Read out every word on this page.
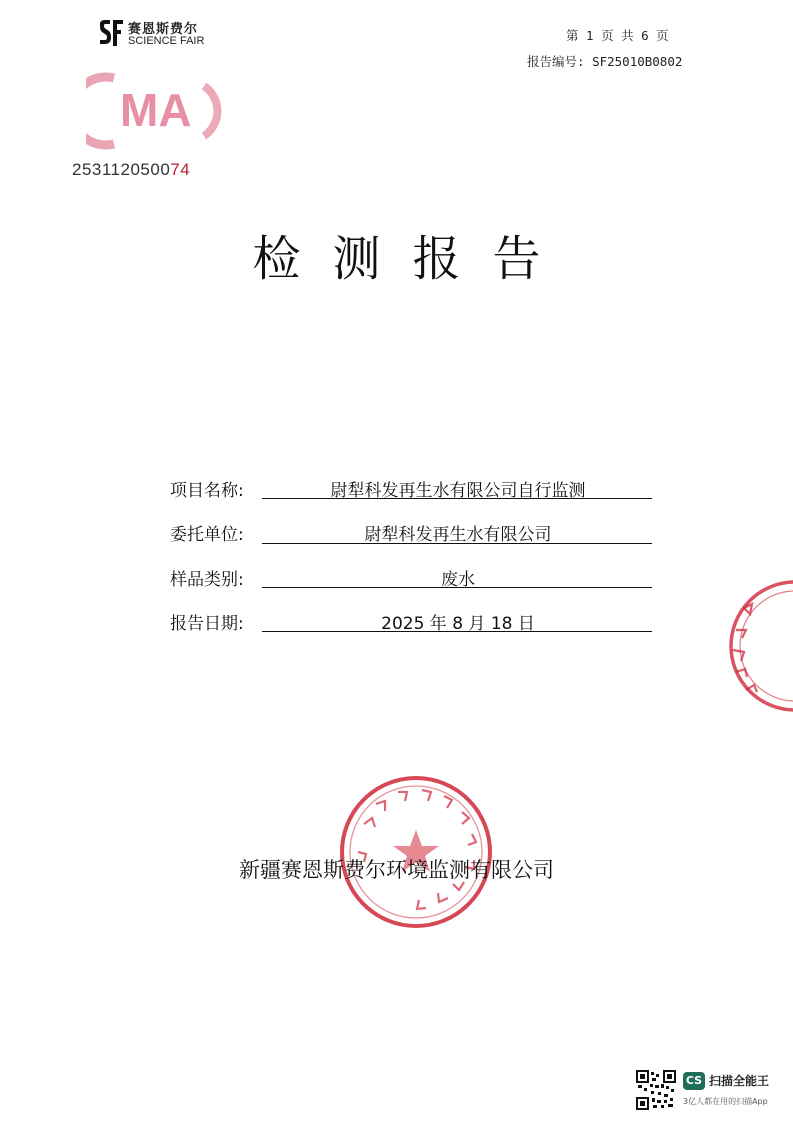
赛恩斯费尔
SCIENCE FAIR	第 1 页 共 6 页
报告编号: SF25010B0802
MA
253112050074
检测报告
项目名称:	尉犁科发再生水有限公司自行监测
委托单位:	尉犁科发再生水有限公司
样品类别:	废水
报告日期:	2025 年 8 月 18 日
新疆赛恩斯费尔环境监测有限公司
CS 扫描全能王
3亿人都在用的扫描App
